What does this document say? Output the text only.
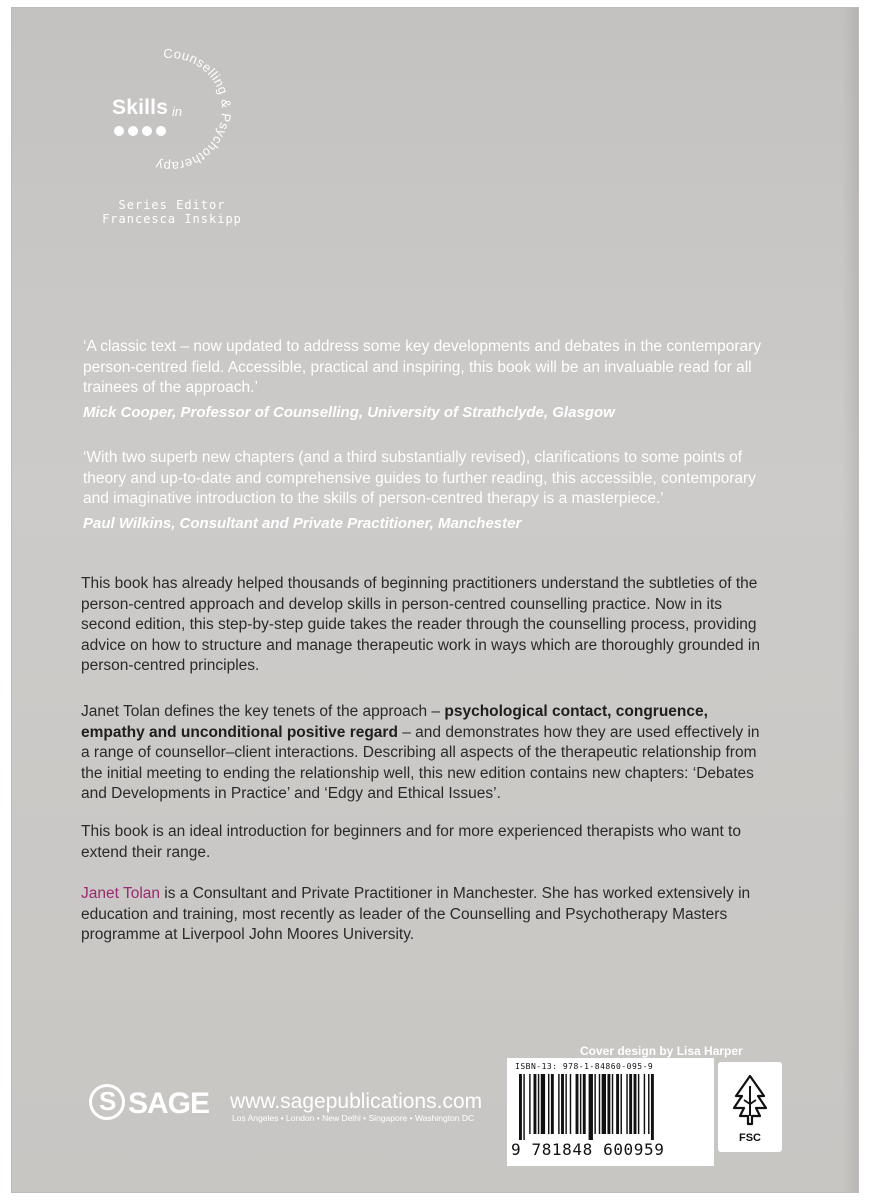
Counselling & Psychotherapy
Skills in
Series Editor
Francesca Inskipp

‘A classic text – now updated to address some key developments and debates in the contemporary person-centred field. Accessible, practical and inspiring, this book will be an invaluable read for all trainees of the approach.’

Mick Cooper, Professor of Counselling, University of Strathclyde, Glasgow

‘With two superb new chapters (and a third substantially revised), clarifications to some points of theory and up-to-date and comprehensive guides to further reading, this accessible, contemporary and imaginative introduction to the skills of person-centred therapy is a masterpiece.’

Paul Wilkins, Consultant and Private Practitioner, Manchester

This book has already helped thousands of beginning practitioners understand the subtleties of the person-centred approach and develop skills in person-centred counselling practice. Now in its second edition, this step-by-step guide takes the reader through the counselling process, providing advice on how to structure and manage therapeutic work in ways which are thoroughly grounded in person-centred principles.

Janet Tolan defines the key tenets of the approach – psychological contact, congruence, empathy and unconditional positive regard – and demonstrates how they are used effectively in a range of counsellor–client interactions. Describing all aspects of the therapeutic relationship from the initial meeting to ending the relationship well, this new edition contains new chapters: ‘Debates and Developments in Practice’ and ‘Edgy and Ethical Issues’.

This book is an ideal introduction for beginners and for more experienced therapists who want to extend their range.

Janet Tolan is a Consultant and Private Practitioner in Manchester. She has worked extensively in education and training, most recently as leader of the Counselling and Psychotherapy Masters programme at Liverpool John Moores University.

Cover design by Lisa Harper
SSAGE www.sagepublications.com
Los Angeles • London • New Delhi • Singapore • Washington DC
ISBN-13: 978-1-84860-095-9
9 781848 600959
FSC
